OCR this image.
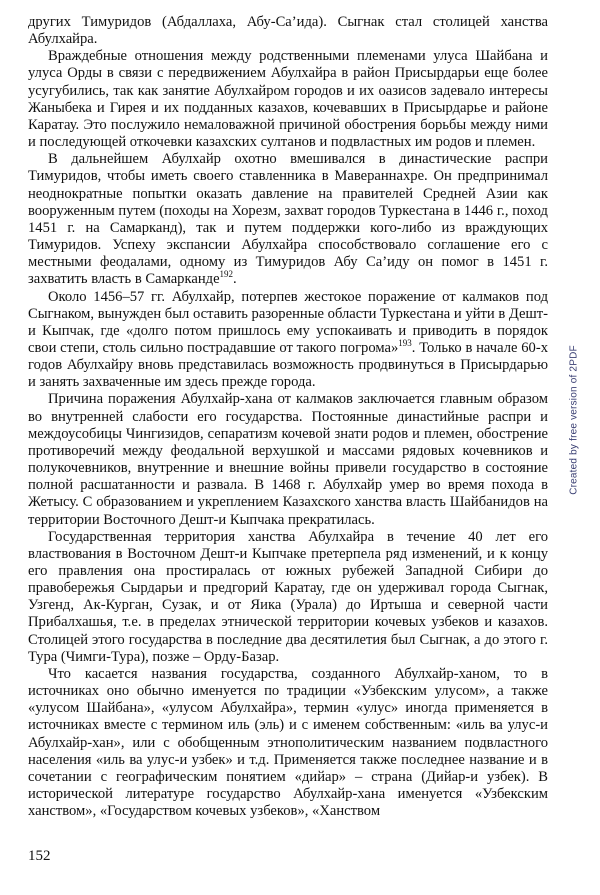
других Тимуридов (Абдаллаха, Абу-Са’ида). Сыгнак стал столицей ханства Абулхайра.

Враждебные отношения между родственными племенами улуса Шайбана и улуса Орды в связи с передвижением Абулхайра в район Присырдарьи еще более усугубились, так как занятие Абулхайром городов и их оазисов задевало интересы Жаныбека и Гирея и их подданных казахов, кочевавших в Присырдарье и районе Каратау. Это послужило немаловажной причиной обострения борьбы между ними и последующей откочевки казахских султанов и подвластных им родов и племен.

В дальнейшем Абулхайр охотно вмешивался в династические распри Тимуридов, чтобы иметь своего ставленника в Мавераннахре. Он предпринимал неоднократные попытки оказать давление на правителей Средней Азии как вооруженным путем (походы на Хорезм, захват городов Туркестана в 1446 г., поход 1451 г. на Самарканд), так и путем поддержки кого-либо из враждующих Тимуридов. Успеху экспансии Абулхайра способствовало соглашение его с местными феодалами, одному из Тимуридов Абу Са’иду он помог в 1451 г. захватить власть в Самарканде$^{192}$.

Около 1456–57 гг. Абулхайр, потерпев жестокое поражение от калмаков под Сыгнаком, вынужден был оставить разоренные области Туркестана и уйти в Дешт-и Кыпчак, где «долго потом пришлось ему успокаивать и приводить в порядок свои степи, столь сильно пострадавшие от такого погрома»$^{193}$. Только в начале 60-х годов Абулхайру вновь представилась возможность продвинуться в Присырдарью и занять захваченные им здесь прежде города.

Причина поражения Абулхайр-хана от калмаков заключается главным образом во внутренней слабости его государства. Постоянные династийные распри и междоусобицы Чингизидов, сепаратизм кочевой знати родов и племен, обострение противоречий между феодальной верхушкой и массами рядовых кочевников и полукочевников, внутренние и внешние войны привели государство в состояние полной расшатанности и развала. В 1468 г. Абулхайр умер во время похода в Жетысу. С образованием и укреплением Казахского ханства власть Шайбанидов на территории Восточного Дешт-и Кыпчака прекратилась.

Государственная территория ханства Абулхайра в течение 40 лет его властвования в Восточном Дешт-и Кыпчаке претерпела ряд изменений, и к концу его правления она простиралась от южных рубежей Западной Сибири до правобережья Сырдарьи и предгорий Каратау, где он удерживал города Сыгнак, Узгенд, Ак-Курган, Сузак, и от Яика (Урала) до Иртыша и северной части Прибалхашья, т.е. в пределах этнической территории кочевых узбеков и казахов. Столицей этого государства в последние два десятилетия был Сыгнак, а до этого г. Тура (Чимги-Тура), позже – Орду-Базар.

Что касается названия государства, созданного Абулхайр-ханом, то в источниках оно обычно именуется по традиции «Узбекским улусом», а также «улусом Шайбана», «улусом Абулхайра», термин «улус» иногда применяется в источниках вместе с термином иль (эль) и с именем собственным: «иль ва улус-и Абулхайр-хан», или с обобщенным этнополитическим названием подвластного населения «иль ва улус-и узбек» и т.д. Применяется также последнее название и в сочетании с географическим понятием «дийар» – страна (Дийар-и узбек). В исторической литературе государство Абулхайр-хана именуется «Узбекским ханством», «Государством кочевых узбеков», «Ханством

152
Created by free version of 2PDF
